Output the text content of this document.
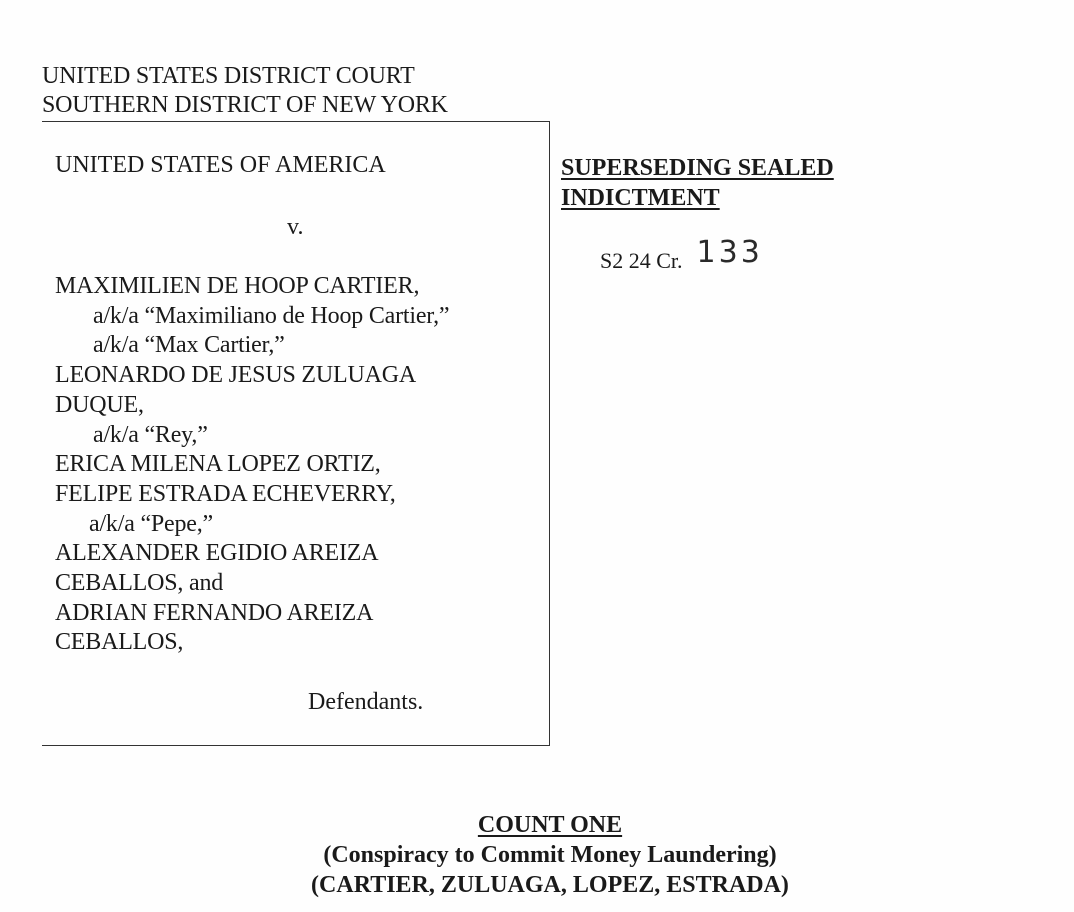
UNITED STATES DISTRICT COURT
SOUTHERN DISTRICT OF NEW YORK
UNITED STATES OF AMERICA
v.
MAXIMILIEN DE HOOP CARTIER,
a/k/a “Maximiliano de Hoop Cartier,”
a/k/a “Max Cartier,”
LEONARDO DE JESUS ZULUAGA
DUQUE,
a/k/a “Rey,”
ERICA MILENA LOPEZ ORTIZ,
FELIPE ESTRADA ECHEVERRY,
a/k/a “Pepe,”
ALEXANDER EGIDIO AREIZA
CEBALLOS, and
ADRIAN FERNANDO AREIZA
CEBALLOS,
Defendants.
SUPERSEDING SEALED
INDICTMENT
S2 24 Cr. 133
COUNT ONE
(Conspiracy to Commit Money Laundering)
(CARTIER, ZULUAGA, LOPEZ, ESTRADA)
